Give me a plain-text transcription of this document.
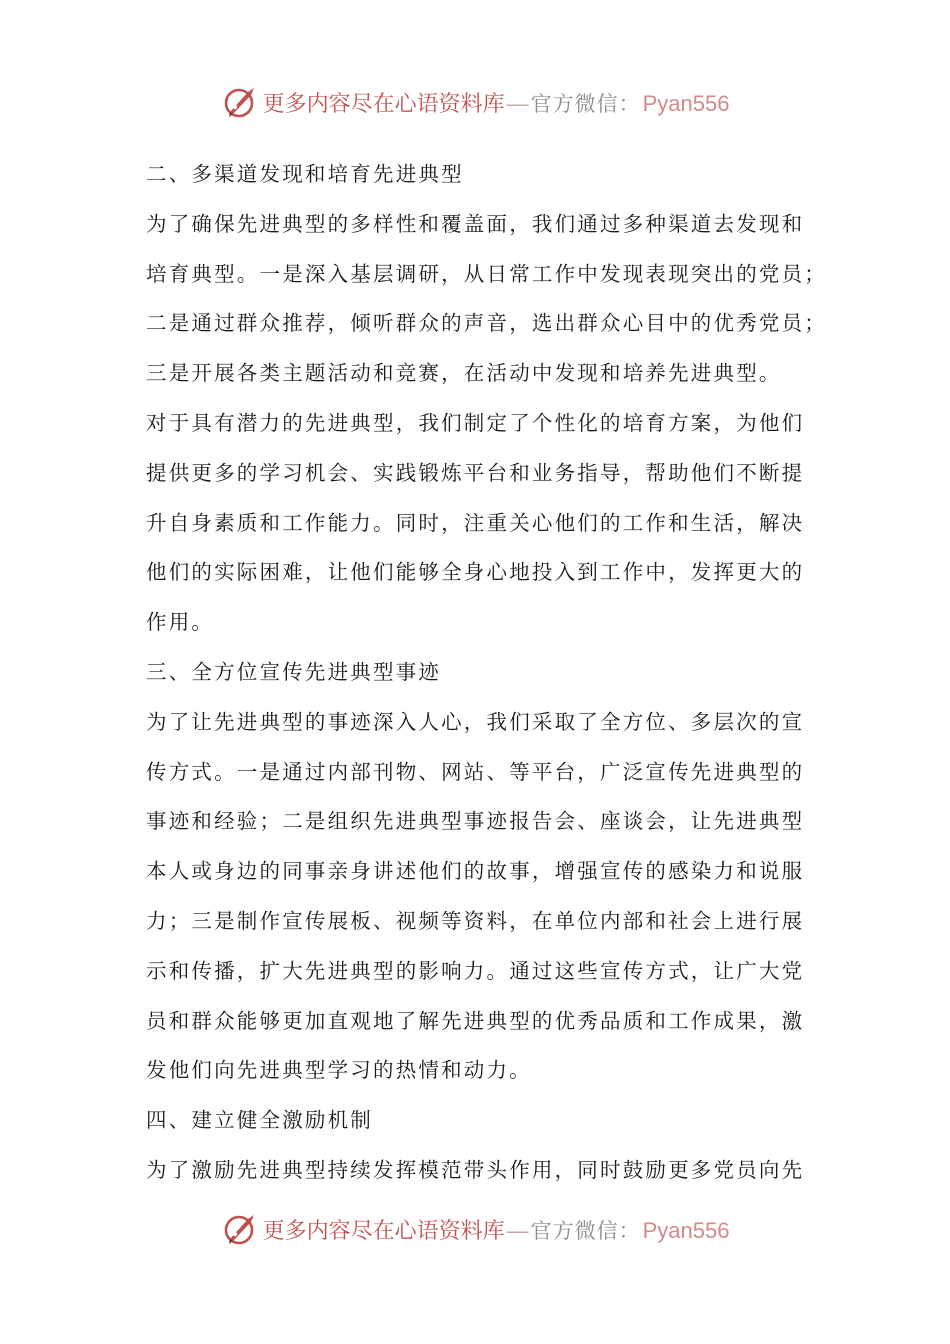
更多内容尽在心语资料库 — 官方微信： Pyan556
二、多渠道发现和培育先进典型
为了确保先进典型的多样性和覆盖面，我们通过多种渠道去发现和
培育典型。一是深入基层调研，从日常工作中发现表现突出的党员；
二是通过群众推荐，倾听群众的声音，选出群众心目中的优秀党员；
三是开展各类主题活动和竞赛，在活动中发现和培养先进典型。
对于具有潜力的先进典型，我们制定了个性化的培育方案，为他们
提供更多的学习机会、实践锻炼平台和业务指导，帮助他们不断提
升自身素质和工作能力。同时，注重关心他们的工作和生活，解决
他们的实际困难，让他们能够全身心地投入到工作中，发挥更大的
作用。
三、全方位宣传先进典型事迹
为了让先进典型的事迹深入人心，我们采取了全方位、多层次的宣
传方式。一是通过内部刊物、网站、等平台，广泛宣传先进典型的
事迹和经验；二是组织先进典型事迹报告会、座谈会，让先进典型
本人或身边的同事亲身讲述他们的故事，增强宣传的感染力和说服
力；三是制作宣传展板、视频等资料，在单位内部和社会上进行展
示和传播，扩大先进典型的影响力。通过这些宣传方式，让广大党
员和群众能够更加直观地了解先进典型的优秀品质和工作成果，激
发他们向先进典型学习的热情和动力。
四、建立健全激励机制
为了激励先进典型持续发挥模范带头作用，同时鼓励更多党员向先
更多内容尽在心语资料库 — 官方微信： Pyan556
